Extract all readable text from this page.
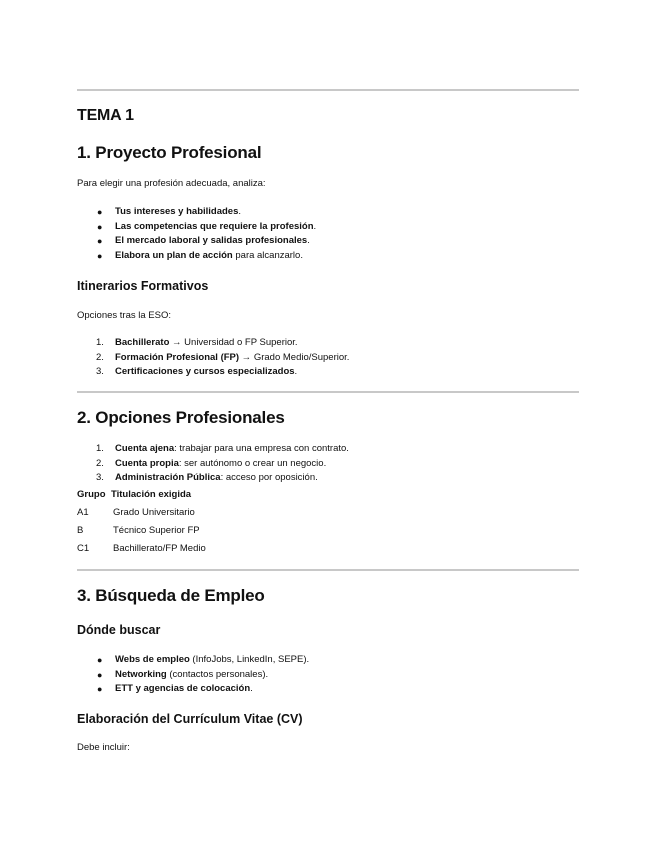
TEMA 1
1. Proyecto Profesional

Para elegir una profesión adecuada, analiza:

● Tus intereses y habilidades.
● Las competencias que requiere la profesión.
● El mercado laboral y salidas profesionales.
● Elabora un plan de acción para alcanzarlo.
Itinerarios Formativos

Opciones tras la ESO:

1. Bachillerato → Universidad o FP Superior.
2. Formación Profesional (FP) → Grado Medio/Superior.
3. Certificaciones y cursos especializados.
2. Opciones Profesionales
1. Cuenta ajena: trabajar para una empresa con contrato.
2. Cuenta propia: ser autónomo o crear un negocio.
3. Administración Pública: acceso por oposición.
Grupo Titulación exigida
A1	Grado Universitario
B	Técnico Superior FP
C1	Bachillerato/FP Medio
3. Búsqueda de Empleo
Dónde buscar
● Webs de empleo (InfoJobs, LinkedIn, SEPE).
● Networking (contactos personales).
● ETT y agencias de colocación.
Elaboración del Currículum Vitae (CV)

Debe incluir:
